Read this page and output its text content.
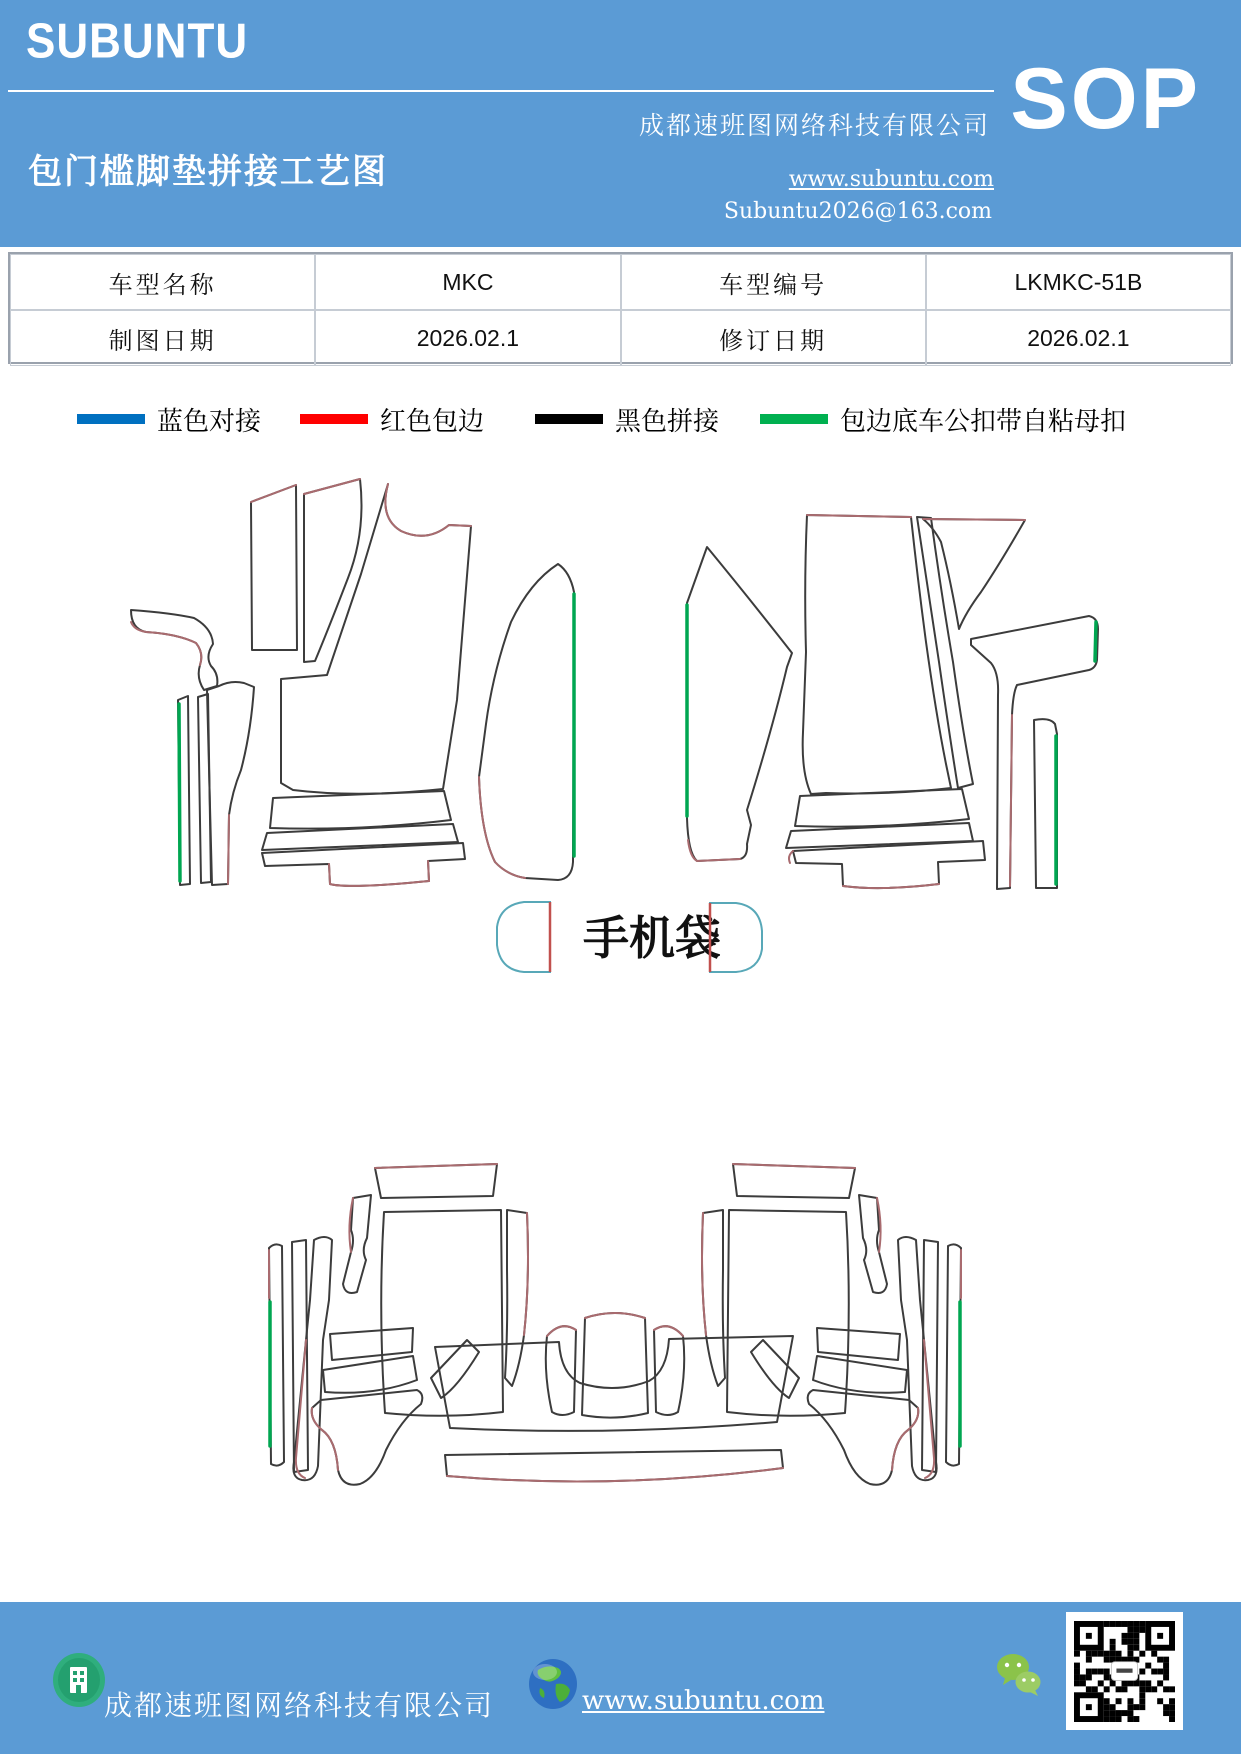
SUBUNTU
包门槛脚垫拼接工艺图
成都速班图网络科技有限公司
www.subuntu.com
Subuntu2026@163.com
SOP
车型名称	MKC	车型编号	LKMKC-51B
制图日期	2026.02.1	修订日期	2026.02.1
蓝色对接	红色包边	黑色拼接	包边底车公扣带自粘母扣
手机袋
成都速班图网络科技有限公司	www.subuntu.com
